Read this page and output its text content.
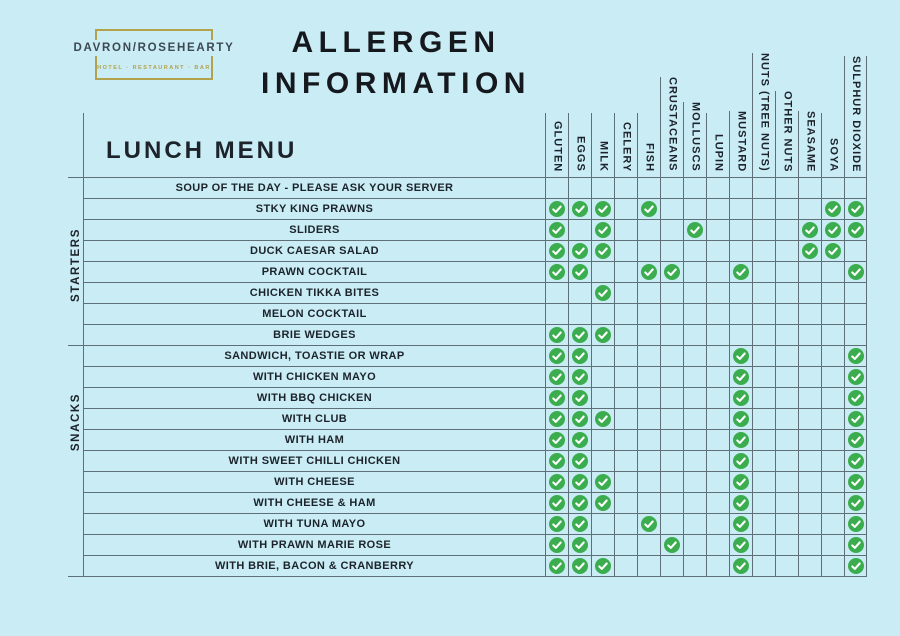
DAVRON/ROSEHEARTY
HOTEL · RESTAURANT · BAR
ALLERGEN
INFORMATION
LUNCH MENU	GLUTEN EGGS MILK CELERY FISH CRUSTACEANS MOLLUSCS LUPIN MUSTARD NUTS (TREE NUTS) OTHER NUTS SEASAME SOYA SULPHUR DIOXIDE
SOUP OF THE DAY - PLEASE ASK YOUR SERVER
STKY KING PRAWNS
SLIDERS
DUCK CAESAR SALAD
PRAWN COCKTAIL
CHICKEN TIKKA BITES
MELON COCKTAIL
BRIE WEDGES
SANDWICH, TOASTIE OR WRAP
WITH CHICKEN MAYO
WITH BBQ CHICKEN
WITH CLUB
WITH HAM
WITH SWEET CHILLI CHICKEN
WITH CHEESE
WITH CHEESE & HAM
WITH TUNA MAYO
WITH PRAWN MARIE ROSE
WITH BRIE, BACON & CRANBERRY
STARTERS
SNACKS
